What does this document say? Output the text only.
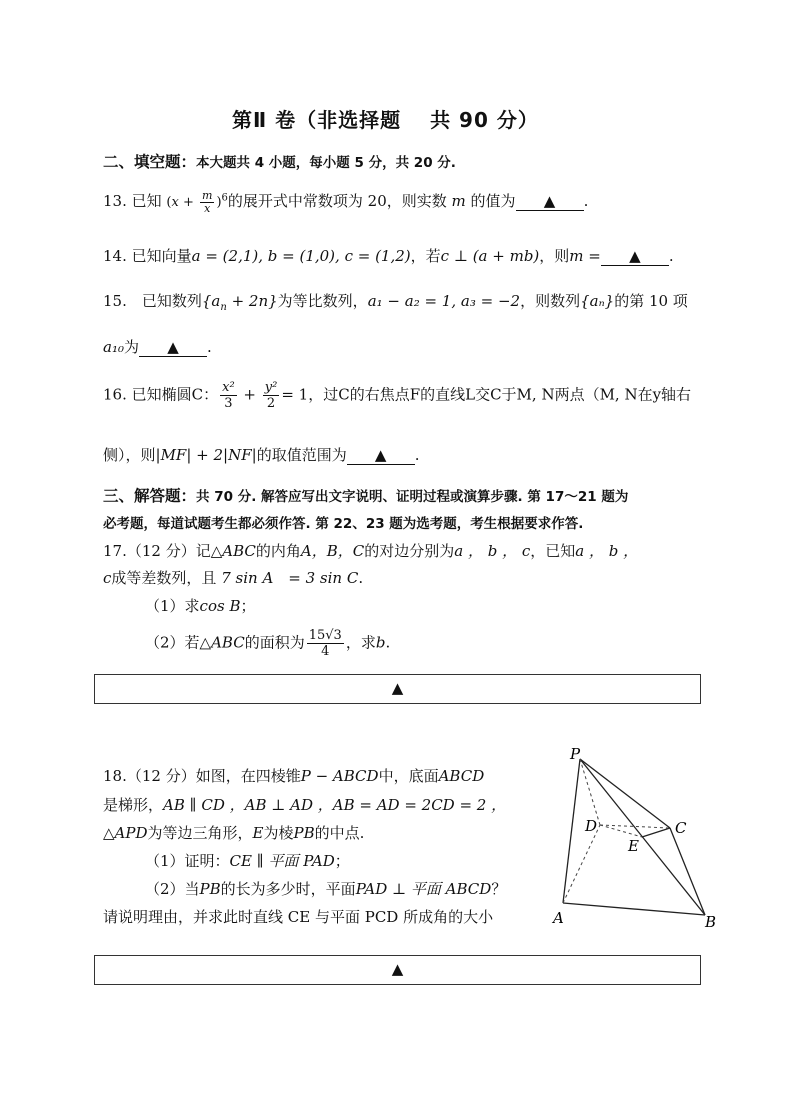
第Ⅱ 卷（非选择题　 共 90 分）
二、填空题：本大题共 4 小题，每小题 5 分，共 20 分.
13. 已知 $(x + \frac{m}{x} )^6$的展开式中常数项为 20，则实数 m 的值为 ▲ .
14. 已知向量a = (2,1), b = (1,0), c = (1,2)，若c ⊥ (a + mb)，则m = ▲ .
15.　已知数列$\{a_n + 2n\}$为等比数列，a₁ − a₂ = 1, a₃ = −2，则数列{aₙ}的第 10 项
a₁₀为 ▲ .
16. 已知椭圆C： $\frac{\text{x²}}{3} + \frac{\text{y²}}{2} = 1$，过C的右焦点F的直线L交C于M, N两点（M, N在y轴右
侧），则|MF| + 2|NF|的取值范围为 ▲ .
三、解答题：共 70 分. 解答应写出文字说明、证明过程或演算步骤. 第 17～21 题为
必考题，每道试题考生都必须作答. 第 22、23 题为选考题，考生根据要求作答.
17.（12 分）记△ABC的内角A，B，C的对边分别为a ， b ， c，已知a ， b ，
c成等差数列，且 7 sin A　= 3 sin C.
（1）求cos B；
（2）若△ABC的面积为 $\frac{15√3}{4}$ ，求b.
▲
18.（12 分）如图，在四棱锥P − ABCD中，底面ABCD
是梯形，AB ∥ CD ，AB ⊥ AD ，AB = AD = 2CD = 2 ，
△APD为等边三角形，E为棱PB的中点.
（1）证明：CE ∥ 平面 PAD；
（2）当PB的长为多少时，平面PAD ⊥ 平面 ABCD？
请说明理由，并求此时直线 CE 与平面 PCD 所成角的大小
P
D	C
E
A	B
▲
